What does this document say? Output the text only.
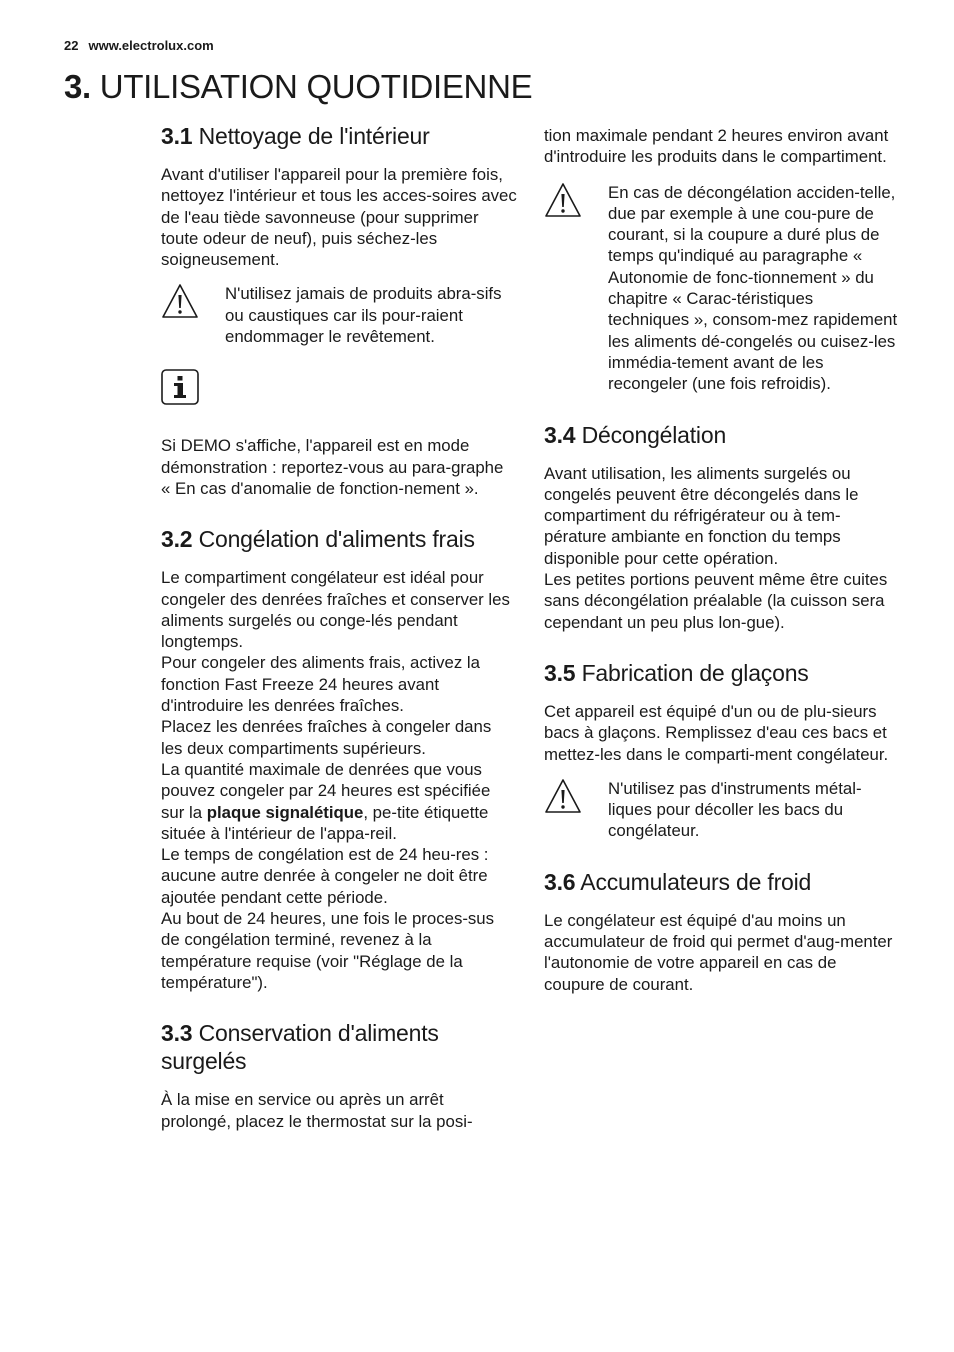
22 www.electrolux.com
3. UTILISATION QUOTIDIENNE
3.1 Nettoyage de l'intérieur

Avant d'utiliser l'appareil pour la première fois, nettoyez l'intérieur et tous les acces-soires avec de l'eau tiède savonneuse (pour supprimer toute odeur de neuf), puis séchez-les soigneusement.

N'utilisez jamais de produits abra-sifs ou caustiques car ils pour-raient endommager le revêtement.

Si DEMO s'affiche, l'appareil est en mode démonstration : reportez-vous au para-graphe « En cas d'anomalie de fonction-nement ».

3.2 Congélation d'aliments frais

Le compartiment congélateur est idéal pour congeler des denrées fraîches et conserver les aliments surgelés ou conge-lés pendant longtemps.

Pour congeler des aliments frais, activez la fonction Fast Freeze 24 heures avant d'introduire les denrées fraîches.

Placez les denrées fraîches à congeler dans les deux compartiments supérieurs.

La quantité maximale de denrées que vous pouvez congeler par 24 heures est spécifiée sur la plaque signalétique, pe-tite étiquette située à l'intérieur de l'appa-reil.

Le temps de congélation est de 24 heu-res : aucune autre denrée à congeler ne doit être ajoutée pendant cette période.

Au bout de 24 heures, une fois le proces-sus de congélation terminé, revenez à la température requise (voir "Réglage de la température").

3.3 Conservation d'aliments surgelés

À la mise en service ou après un arrêt prolongé, placez le thermostat sur la posi-

tion maximale pendant 2 heures environ avant d'introduire les produits dans le compartiment.

En cas de décongélation acciden-telle, due par exemple à une cou-pure de courant, si la coupure a duré plus de temps qu'indiqué au paragraphe « Autonomie de fonc-tionnement » du chapitre « Carac-téristiques techniques », consom-mez rapidement les aliments dé-congelés ou cuisez-les immédia-tement avant de les recongeler (une fois refroidis).

3.4 Décongélation

Avant utilisation, les aliments surgelés ou congelés peuvent être décongelés dans le compartiment du réfrigérateur ou à tem-pérature ambiante en fonction du temps disponible pour cette opération.

Les petites portions peuvent même être cuites sans décongélation préalable (la cuisson sera cependant un peu plus lon-gue).

3.5 Fabrication de glaçons

Cet appareil est équipé d'un ou de plu-sieurs bacs à glaçons. Remplissez d'eau ces bacs et mettez-les dans le comparti-ment congélateur.

N'utilisez pas d'instruments métal-liques pour décoller les bacs du congélateur.

3.6 Accumulateurs de froid

Le congélateur est équipé d'au moins un accumulateur de froid qui permet d'aug-menter l'autonomie de votre appareil en cas de coupure de courant.
